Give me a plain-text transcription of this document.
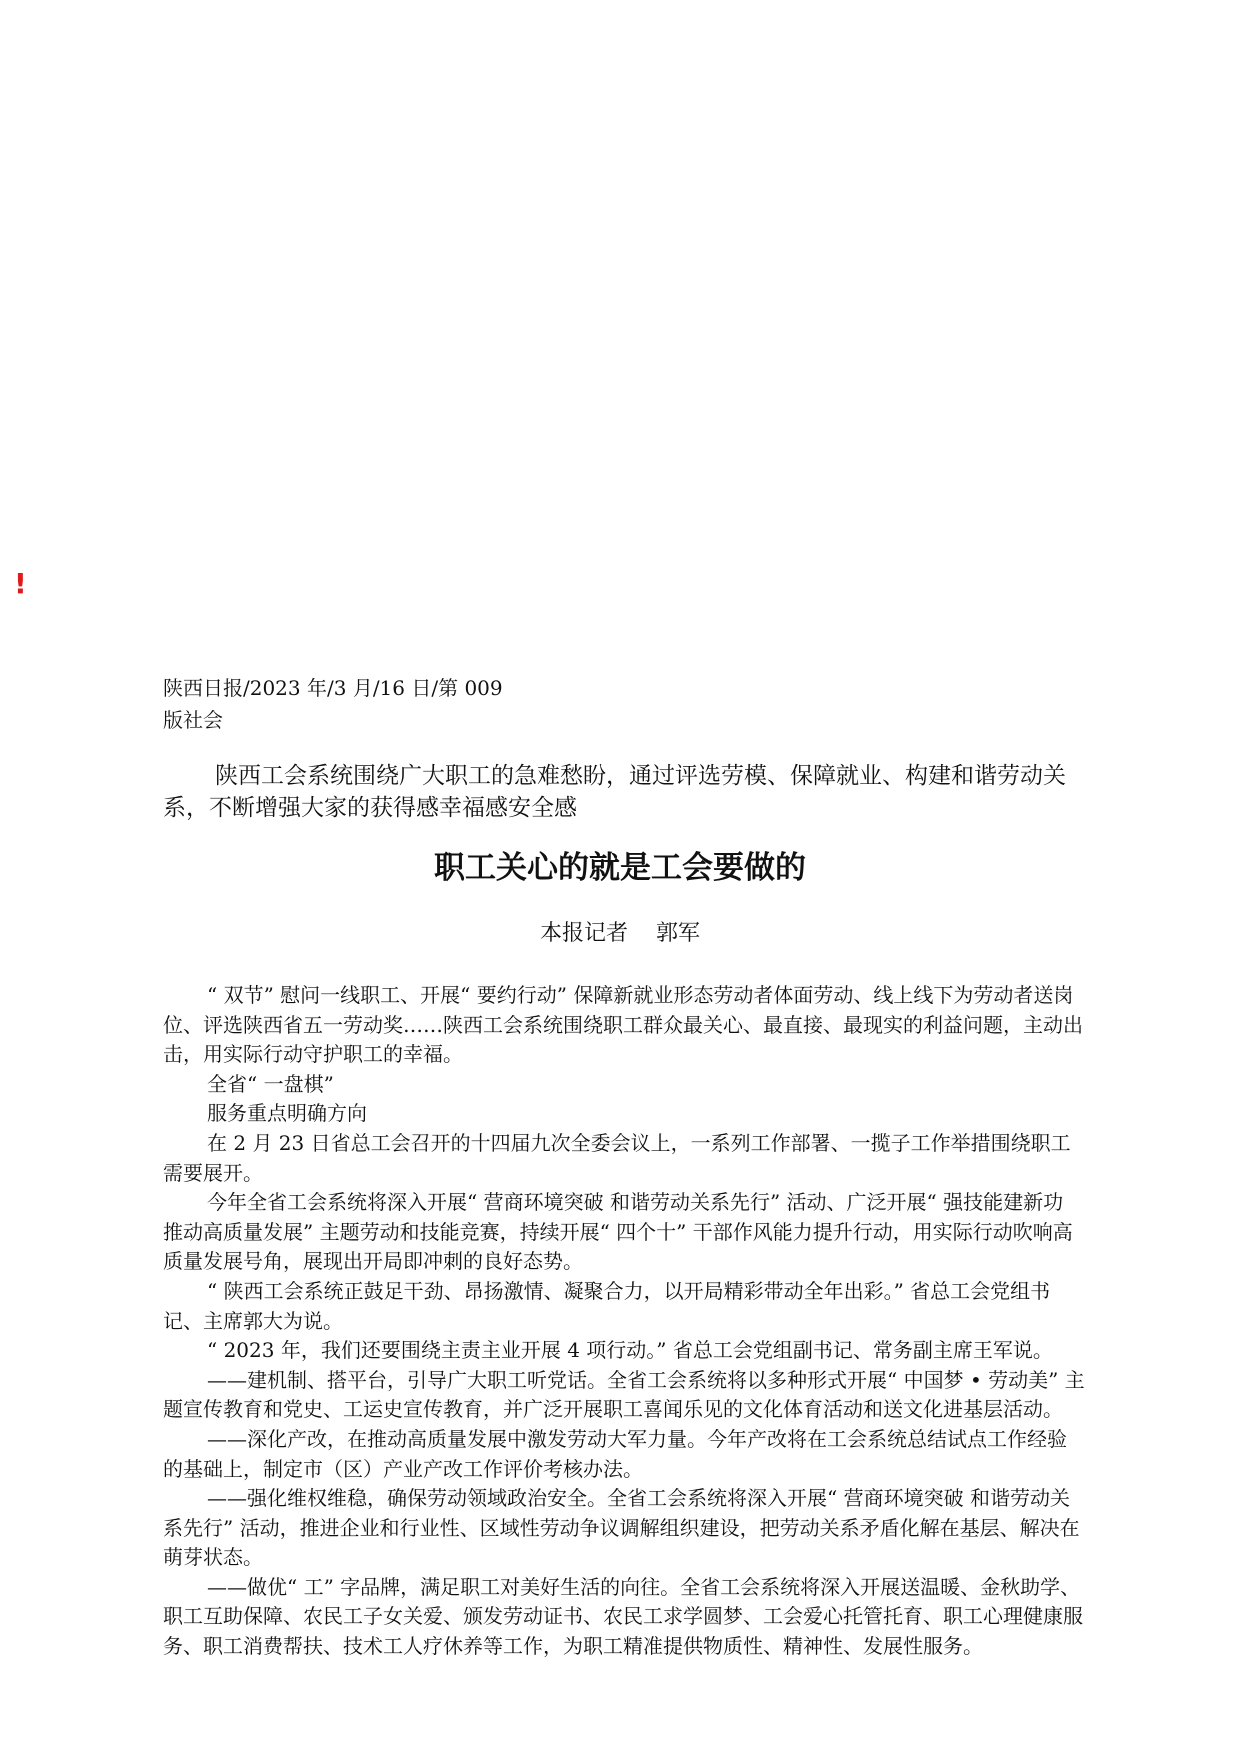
!
陕西日报/2023 年/3 月/16 日/第 009
版社会
陕西工会系统围绕广大职工的急难愁盼，通过评选劳模、保障就业、构建和谐劳动关系，不断增强大家的获得感幸福感安全感
职工关心的就是工会要做的
本报记者    郭军

“ 双节” 慰问一线职工、开展“ 要约行动” 保障新就业形态劳动者体面劳动、线上线下为劳动者送岗位、评选陕西省五一劳动奖……陕西工会系统围绕职工群众最关心、最直接、最现实的利益问题，主动出击，用实际行动守护职工的幸福。

全省“ 一盘棋”

服务重点明确方向

在 2 月 23 日省总工会召开的十四届九次全委会议上，一系列工作部署、一揽子工作举措围绕职工需要展开。

今年全省工会系统将深入开展“ 营商环境突破 和谐劳动关系先行” 活动、广泛开展“ 强技能建新功 推动高质量发展” 主题劳动和技能竞赛，持续开展“ 四个十” 干部作风能力提升行动，用实际行动吹响高质量发展号角，展现出开局即冲刺的良好态势。

“ 陕西工会系统正鼓足干劲、昂扬激情、凝聚合力，以开局精彩带动全年出彩。” 省总工会党组书记、主席郭大为说。

“ 2023 年，我们还要围绕主责主业开展 4 项行动。” 省总工会党组副书记、常务副主席王军说。

——建机制、搭平台，引导广大职工听党话。全省工会系统将以多种形式开展“ 中国梦 • 劳动美” 主题宣传教育和党史、工运史宣传教育，并广泛开展职工喜闻乐见的文化体育活动和送文化进基层活动。

——深化产改，在推动高质量发展中激发劳动大军力量。今年产改将在工会系统总结试点工作经验的基础上，制定市（区）产业产改工作评价考核办法。

——强化维权维稳，确保劳动领域政治安全。全省工会系统将深入开展“ 营商环境突破 和谐劳动关系先行” 活动，推进企业和行业性、区域性劳动争议调解组织建设，把劳动关系矛盾化解在基层、解决在萌芽状态。

——做优“ 工” 字品牌，满足职工对美好生活的向往。全省工会系统将深入开展送温暖、金秋助学、职工互助保障、农民工子女关爱、颁发劳动证书、农民工求学圆梦、工会爱心托管托育、职工心理健康服务、职工消费帮扶、技术工人疗休养等工作，为职工精准提供物质性、精神性、发展性服务。
